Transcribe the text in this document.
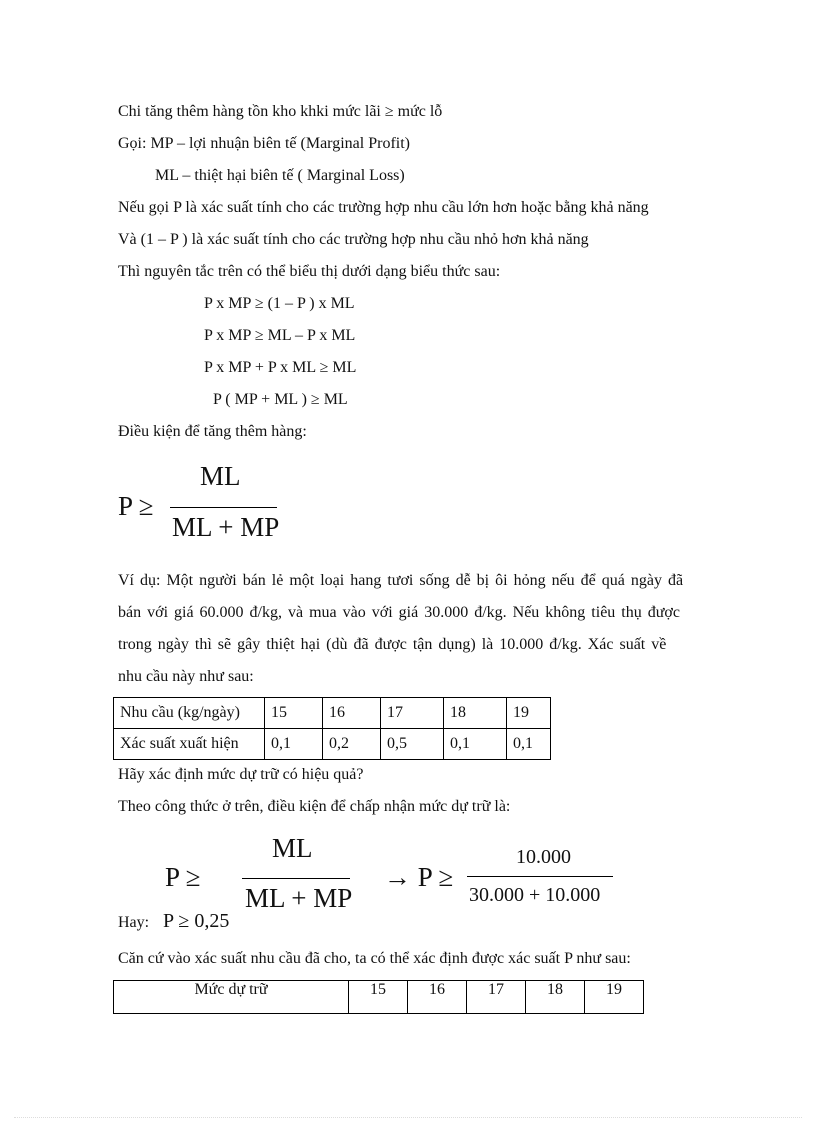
Chi tăng thêm hàng tồn kho khki mức lãi ≥ mức lỗ
Gọi: MP – lợi nhuận biên tế (Marginal Profit)
ML – thiệt hại biên tế ( Marginal Loss)
Nếu gọi P là xác suất tính cho các trường hợp nhu cầu lớn hơn hoặc bằng khả năng
Và (1 – P ) là xác suất tính cho các trường hợp nhu cầu nhỏ hơn khả năng
Thì nguyên tắc trên có thể biểu thị dưới dạng biểu thức sau:
P x MP ≥ (1 – P ) x ML
P x MP ≥ ML – P x ML
P x MP + P x ML ≥ ML
P ( MP + ML ) ≥ ML
Điều kiện để tăng thêm hàng:
P ≥
ML
ML + MP
Ví dụ: Một người bán lẻ một loại hang tươi sống dễ bị ôi hỏng nếu để quá ngày đã
bán với giá 60.000 đ/kg, và mua vào với giá 30.000 đ/kg. Nếu không tiêu thụ được
trong ngày thì sẽ gây thiệt hại (dù đã được tận dụng) là 10.000 đ/kg. Xác suất về
nhu cầu này như sau:
Nhu cầu (kg/ngày)	15	16	17	18	19
Xác suất xuất hiện	0,1	0,2	0,5	0,1	0,1
Hãy xác định mức dự trữ có hiệu quả?
Theo công thức ở trên, điều kiện để chấp nhận mức dự trữ là:
P ≥
ML
ML + MP
→ P ≥
10.000
30.000 + 10.000
Hay: P ≥ 0,25
Căn cứ vào xác suất nhu cầu đã cho, ta có thể xác định được xác suất P như sau:
Mức dự trữ	15	16	17	18	19
